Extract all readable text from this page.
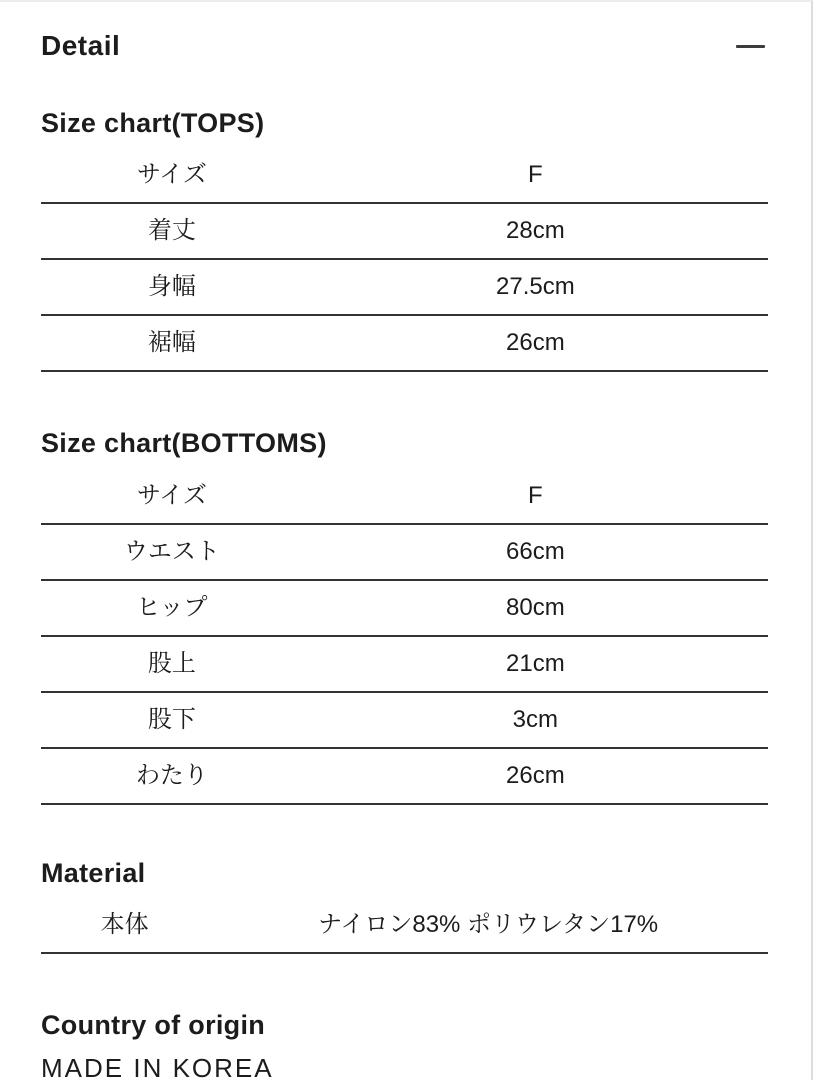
Detail
Size chart(TOPS)
サイズ	F
着丈	28cm
身幅	27.5cm
裾幅	26cm
Size chart(BOTTOMS)
サイズ	F
ウエスト	66cm
ヒップ	80cm
股上	21cm
股下	3cm
わたり	26cm
Material
本体	ナイロン83% ポリウレタン17%
Country of origin
MADE IN KOREA
